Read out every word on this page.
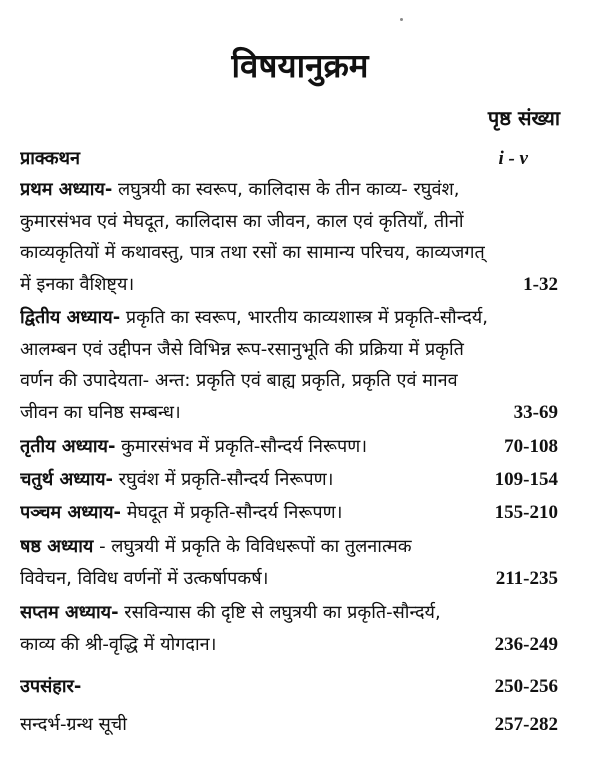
विषयानुक्रम
पृष्ठ संख्या
प्राक्कथन	i - v
प्रथम अध्याय- लघुत्रयी का स्वरूप, कालिदास के तीन काव्य- रघुवंश,
कुमारसंभव एवं मेघदूत, कालिदास का जीवन, काल एवं कृतियाँ, तीनों
काव्यकृतियों में कथावस्तु, पात्र तथा रसों का सामान्य परिचय, काव्यजगत्
में इनका वैशिष्ट्य।	1-32
द्वितीय अध्याय- प्रकृति का स्वरूप, भारतीय काव्यशास्त्र में प्रकृति-सौन्दर्य,
आलम्बन एवं उद्दीपन जैसे विभिन्न रूप-रसानुभूति की प्रक्रिया में प्रकृति
वर्णन की उपादेयता- अन्त: प्रकृति एवं बाह्य प्रकृति, प्रकृति एवं मानव
जीवन का घनिष्ठ सम्बन्ध।	33-69
तृतीय अध्याय- कुमारसंभव में प्रकृति-सौन्दर्य निरूपण।	70-108
चतुर्थ अध्याय- रघुवंश में प्रकृति-सौन्दर्य निरूपण।	109-154
पञ्चम अध्याय- मेघदूत में प्रकृति-सौन्दर्य निरूपण।	155-210
षष्ठ अध्याय - लघुत्रयी में प्रकृति के विविधरूपों का तुलनात्मक
विवेचन, विविध वर्णनों में उत्कर्षापकर्ष।	211-235
सप्तम अध्याय- रसविन्यास की दृष्टि से लघुत्रयी का प्रकृति-सौन्दर्य,
काव्य की श्री-वृद्धि में योगदान।	236-249
उपसंहार-	250-256
सन्दर्भ-ग्रन्थ सूची	257-282
